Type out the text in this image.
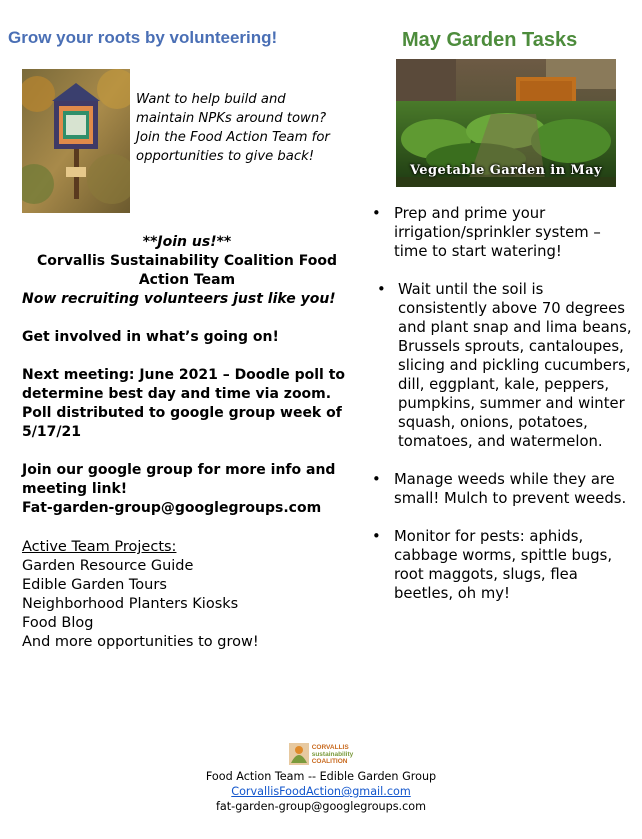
Grow your roots by volunteering!
Want to help build and maintain NPKs around town? Join the Food Action Team for opportunities to give back!
**Join us!**
Corvallis Sustainability Coalition Food Action Team
Now recruiting volunteers just like you!
Get involved in what’s going on!
Next meeting: June 2021 – Doodle poll to determine best day and time via zoom. Poll distributed to google group week of 5/17/21
Join our google group for more info and meeting link!
Fat-garden-group@googlegroups.com
Active Team Projects:
Garden Resource Guide
Edible Garden Tours
Neighborhood Planters Kiosks
Food Blog
And more opportunities to grow!
May Garden Tasks
Vegetable Garden in May
• Prep and prime your irrigation/sprinkler system – time to start watering!
• Wait until the soil is consistently above 70 degrees and plant snap and lima beans, Brussels sprouts, cantaloupes, slicing and pickling cucumbers, dill, eggplant, kale, peppers, pumpkins, summer and winter squash, onions, potatoes, tomatoes, and watermelon.
• Manage weeds while they are small! Mulch to prevent weeds.
• Monitor for pests: aphids, cabbage worms, spittle bugs, root maggots, slugs, flea beetles, oh my!
CORVALLIS
sustainability
COALITION
Food Action Team -- Edible Garden Group
CorvallisFoodAction@gmail.com
fat-garden-group@googlegroups.com
